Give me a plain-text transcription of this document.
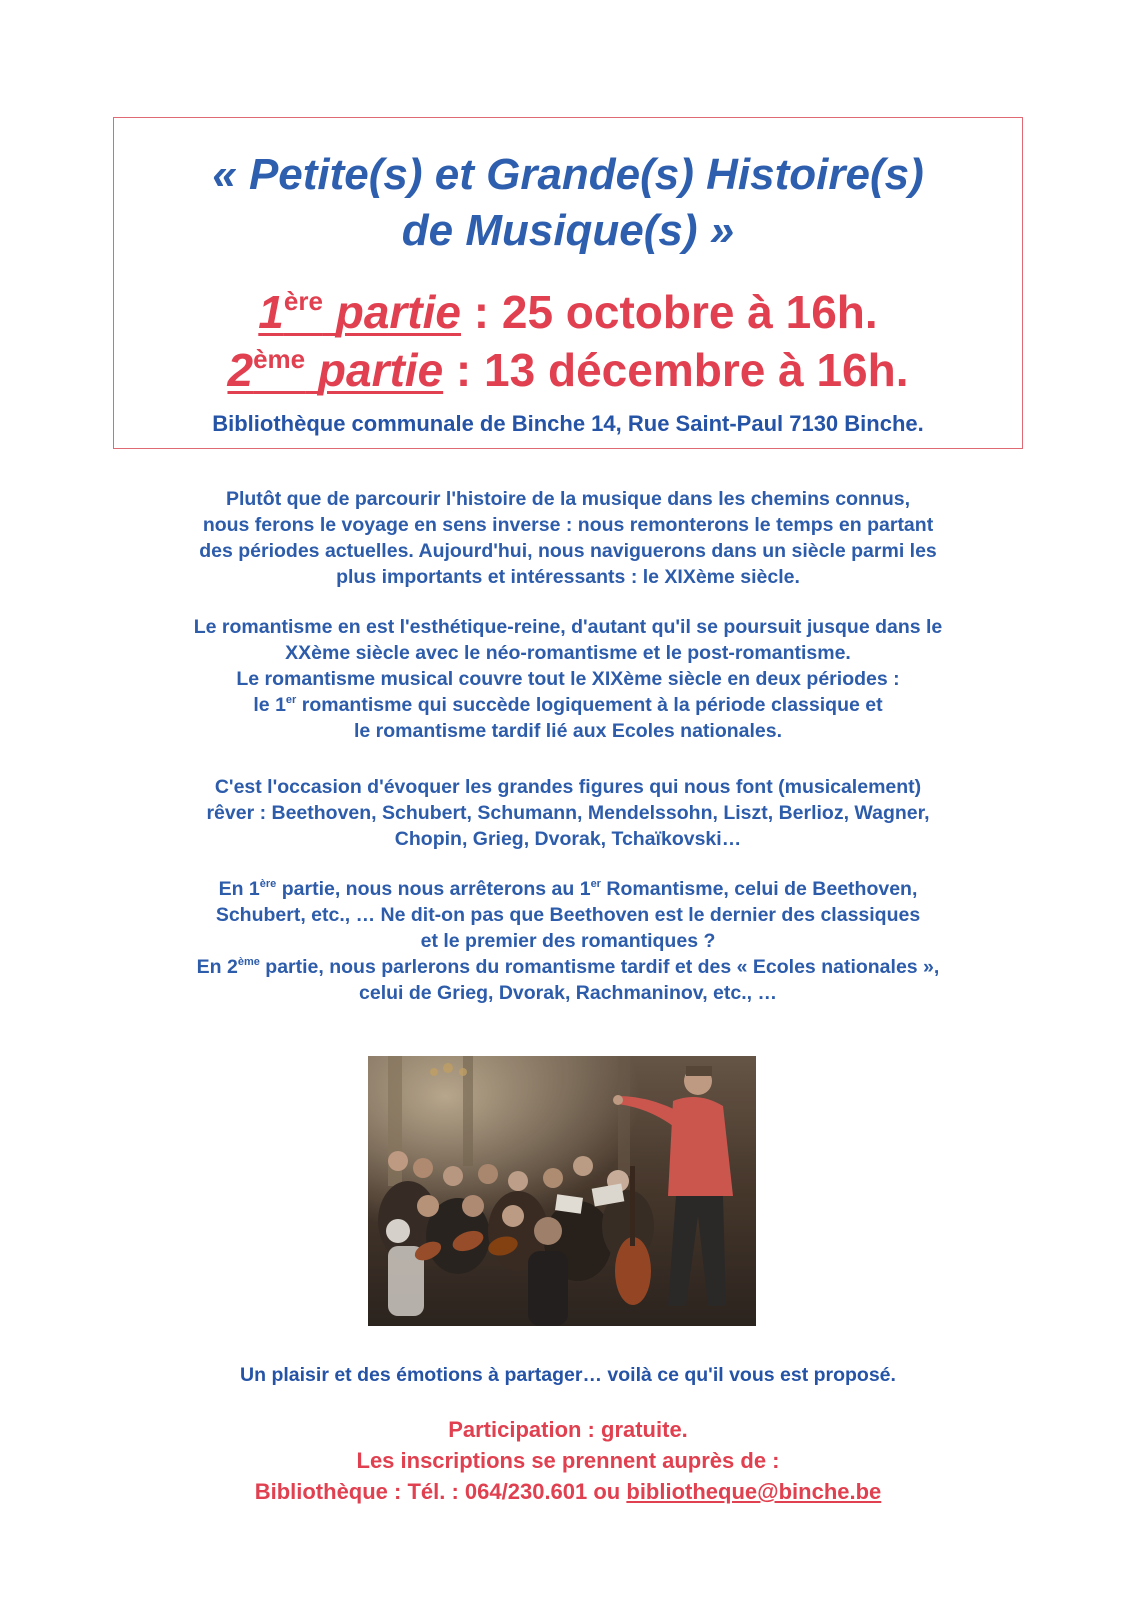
« Petite(s) et Grande(s) Histoire(s)
de Musique(s) »
1ère partie : 25 octobre à 16h.
2ème partie : 13 décembre à 16h.
Bibliothèque communale de Binche 14, Rue Saint-Paul 7130 Binche.

Plutôt que de parcourir l'histoire de la musique dans les chemins connus,

nous ferons le voyage en sens inverse : nous remonterons le temps en partant

des périodes actuelles. Aujourd'hui, nous naviguerons dans un siècle parmi les

plus importants et intéressants : le XIXème siècle.

Le romantisme en est l'esthétique-reine, d'autant qu'il se poursuit jusque dans le

XXème siècle avec le néo-romantisme et le post-romantisme.

Le romantisme musical couvre tout le XIXème siècle en deux périodes :

le 1er romantisme qui succède logiquement à la période classique et

le romantisme tardif lié aux Ecoles nationales.

C'est l'occasion d'évoquer les grandes figures qui nous font (musicalement)

rêver : Beethoven, Schubert, Schumann, Mendelssohn, Liszt, Berlioz, Wagner,

Chopin, Grieg, Dvorak, Tchaïkovski…

En 1ère partie, nous nous arrêterons au 1er Romantisme, celui de Beethoven,

Schubert, etc., … Ne dit-on pas que Beethoven est le dernier des classiques

et le premier des romantiques ?

En 2ème partie, nous parlerons du romantisme tardif et des « Ecoles nationales »,

celui de Grieg, Dvorak, Rachmaninov, etc., …

Un plaisir et des émotions à partager… voilà ce qu'il vous est proposé.
Participation : gratuite.
Les inscriptions se prennent auprès de :
Bibliothèque : Tél. : 064/230.601 ou bibliotheque@binche.be
